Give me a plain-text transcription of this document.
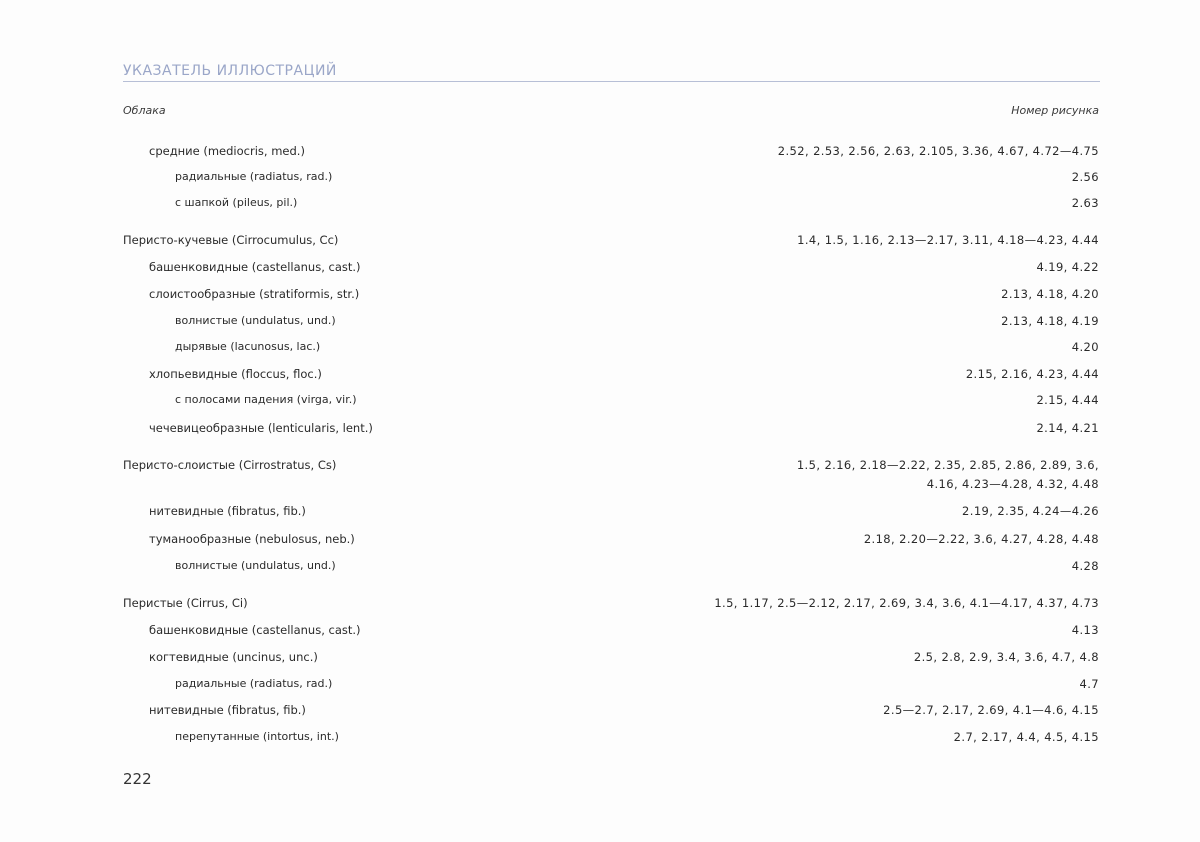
УКАЗАТЕЛЬ ИЛЛЮСТРАЦИЙ
Облака	Номер рисунка
средние (mediocris, med.)	2.52, 2.53, 2.56, 2.63, 2.105, 3.36, 4.67, 4.72—4.75
радиальные (radiatus, rad.)	2.56
с шапкой (pileus, pil.)	2.63
Перисто-кучевые (Cirrocumulus, Cc)	1.4, 1.5, 1.16, 2.13—2.17, 3.11, 4.18—4.23, 4.44
башенковидные (castellanus, cast.)	4.19, 4.22
слоистообразные (stratiformis, str.)	2.13, 4.18, 4.20
волнистые (undulatus, und.)	2.13, 4.18, 4.19
дырявые (lacunosus, lac.)	4.20
хлопьевидные (floccus, floc.)	2.15, 2.16, 4.23, 4.44
с полосами падения (virga, vir.)	2.15, 4.44
чечевицеобразные (lenticularis, lent.)	2.14, 4.21
Перисто-слоистые (Cirrostratus, Cs)	1.5, 2.16, 2.18—2.22, 2.35, 2.85, 2.86, 2.89, 3.6,
4.16, 4.23—4.28, 4.32, 4.48
нитевидные (fibratus, fib.)	2.19, 2.35, 4.24—4.26
туманообразные (nebulosus, neb.)	2.18, 2.20—2.22, 3.6, 4.27, 4.28, 4.48
волнистые (undulatus, und.)	4.28
Перистые (Cirrus, Ci)	1.5, 1.17, 2.5—2.12, 2.17, 2.69, 3.4, 3.6, 4.1—4.17, 4.37, 4.73
башенковидные (castellanus, cast.)	4.13
когтевидные (uncinus, unc.)	2.5, 2.8, 2.9, 3.4, 3.6, 4.7, 4.8
радиальные (radiatus, rad.)	4.7
нитевидные (fibratus, fib.)	2.5—2.7, 2.17, 2.69, 4.1—4.6, 4.15
перепутанные (intortus, int.)	2.7, 2.17, 4.4, 4.5, 4.15
222
